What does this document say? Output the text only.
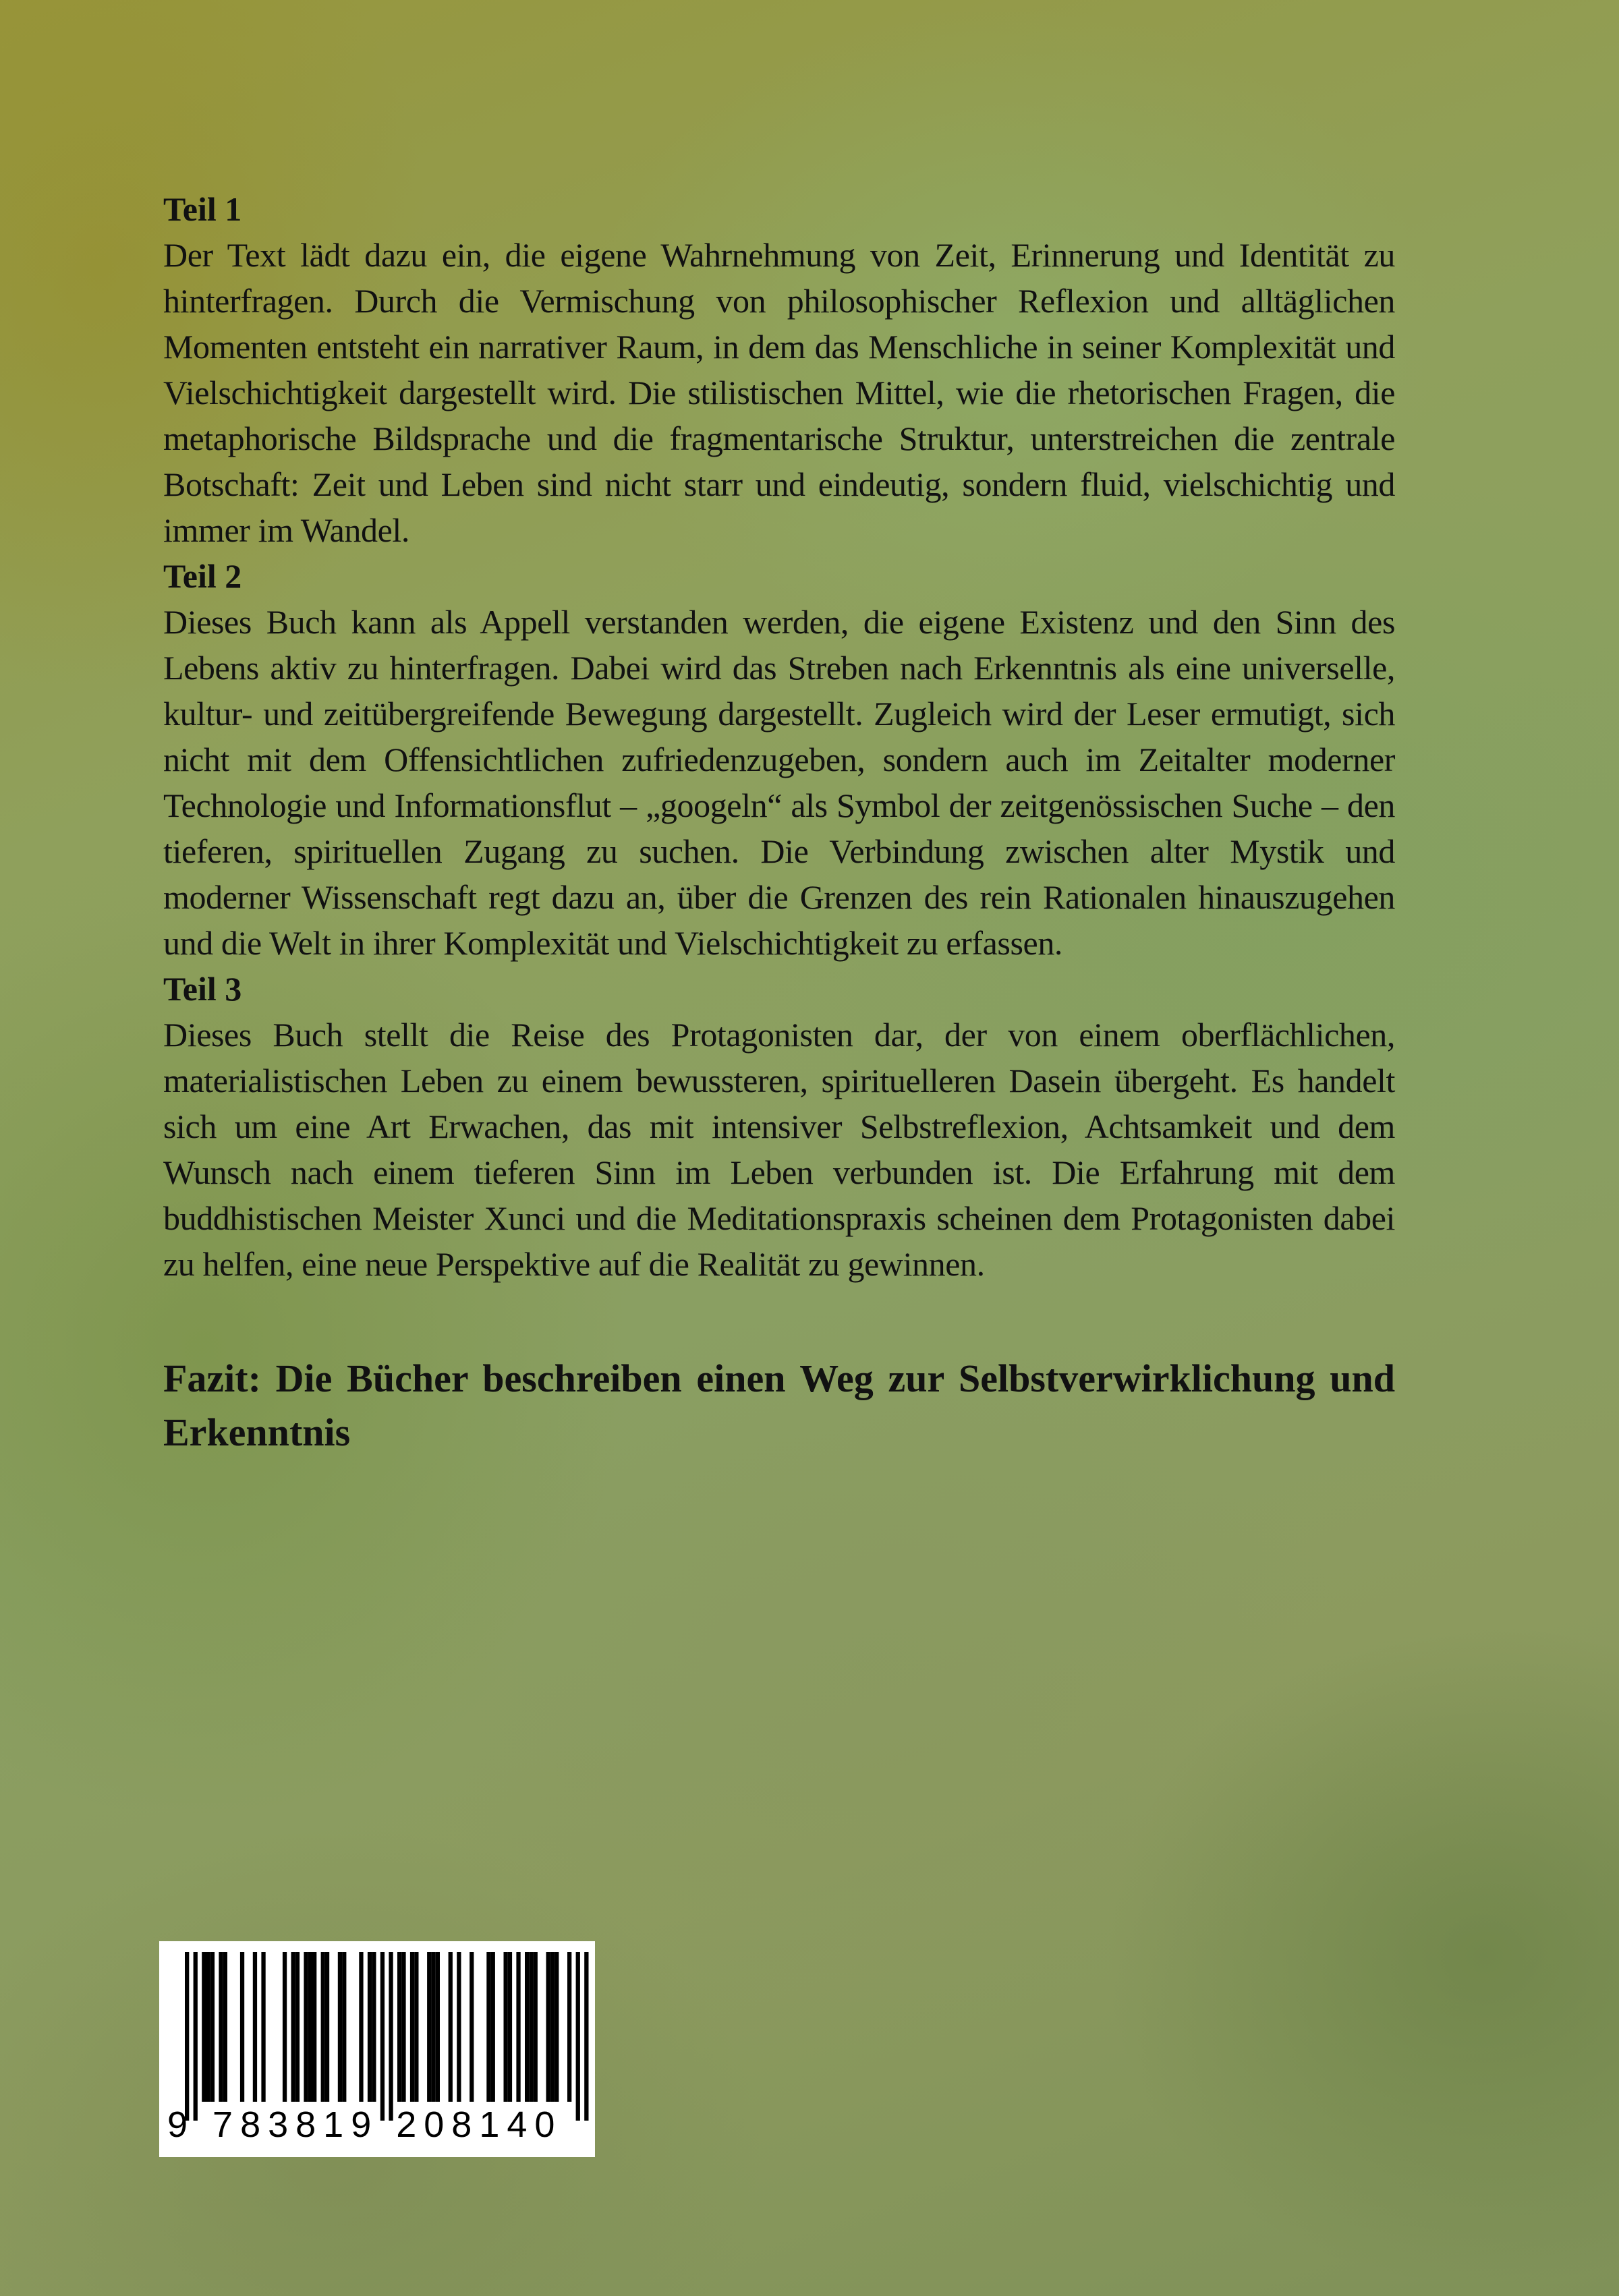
Teil 1

Der Text lädt dazu ein, die eigene Wahrnehmung von Zeit, Erinnerung und Identität zu hinterfragen. Durch die Vermischung von philosophischer Reflexion und alltäglichen Momenten entsteht ein narrativer Raum, in dem das Menschliche in seiner Komplexität und Vielschichtigkeit dargestellt wird. Die stilistischen Mittel, wie die rhetorischen Fragen, die metaphorische Bildsprache und die fragmentarische Struktur, unterstreichen die zentrale Botschaft: Zeit und Leben sind nicht starr und eindeutig, sondern fluid, vielschichtig und immer im Wandel.

Teil 2

Dieses Buch kann als Appell verstanden werden, die eigene Existenz und den Sinn des Lebens aktiv zu hinterfragen. Dabei wird das Streben nach Erkenntnis als eine universelle, kultur- und zeitübergreifende Bewegung dargestellt. Zugleich wird der Leser ermutigt, sich nicht mit dem Offensichtlichen zufriedenzugeben, sondern auch im Zeitalter moderner Technologie und Informationsflut – „googeln“ als Symbol der zeitgenössischen Suche – den tieferen, spirituellen Zugang zu suchen. Die Verbindung zwischen alter Mystik und moderner Wissenschaft regt dazu an, über die Grenzen des rein Rationalen hinauszugehen und die Welt in ihrer Komplexität und Vielschichtigkeit zu erfassen.

Teil 3

Dieses Buch stellt die Reise des Protagonisten dar, der von einem oberflächlichen, materialistischen Leben zu einem bewussteren, spirituelleren Dasein übergeht. Es handelt sich um eine Art Erwachen, das mit intensiver Selbstreflexion, Achtsamkeit und dem Wunsch nach einem tieferen Sinn im Leben verbunden ist. Die Erfahrung mit dem buddhistischen Meister Xunci und die Meditationspraxis scheinen dem Protagonisten dabei zu helfen, eine neue Perspektive auf die Realität zu gewinnen.

Fazit: Die Bücher beschreiben einen Weg zur Selbstverwirklichung und Erkenntnis

9 783819 208140
